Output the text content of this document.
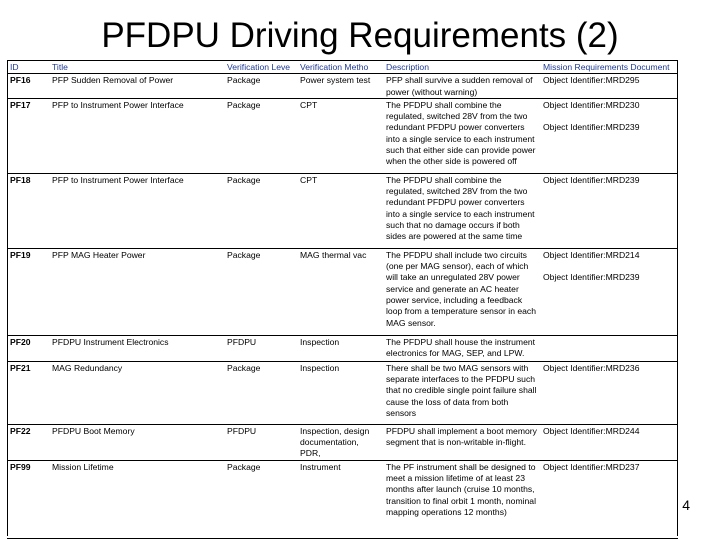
PFDPU Driving Requirements (2)
ID	Title	Verification Leve	Verification Metho	Description	Mission Requirements Document
PF16	PFP Sudden Removal of Power	Package	Power system test	PFP shall survive a sudden removal of power (without warning)	Object Identifier:MRD295

PF17	PFP to Instrument Power Interface	Package	CPT	The PFDPU shall combine the regulated, switched 28V from the two redundant PFDPU power converters into a single service to each instrument such that either side can provide power when the other side is powered off	Object Identifier:MRD230
Object Identifier:MRD239

PF18	PFP to Instrument Power Interface	Package	CPT	The PFDPU shall combine the regulated, switched 28V from the two redundant PFDPU power converters into a single service to each instrument such that no damage occurs if both sides are powered at the same time	Object Identifier:MRD239

PF19	PFP MAG Heater Power	Package	MAG thermal vac	The PFDPU shall include two circuits (one per MAG sensor), each of which will take an unregulated 28V power service and generate an AC heater power service, including a feedback loop from a temperature sensor in each MAG sensor.	Object Identifier:MRD214
Object Identifier:MRD239

PF20	PFDPU Instrument Electronics	PFDPU	Inspection	The PFDPU shall house the instrument electronics for MAG, SEP, and LPW.	
PF21	MAG Redundancy	Package	Inspection	There shall be two MAG sensors with separate interfaces to the PFDPU such that no credible single point failure shall cause the loss of data from both sensors	Object Identifier:MRD236

PF22	PFDPU Boot Memory	PFDPU	Inspection, design documentation, PDR,	PFDPU shall implement a boot memory segment that is non-writable in-flight.	Object Identifier:MRD244

PF99	Mission Lifetime	Package	Instrument	The PF instrument shall be designed to meet a mission lifetime of at least 23 months after launch (cruise 10 months, transition to final orbit 1 month, nominal mapping operations 12 months)	Object Identifier:MRD237
4
